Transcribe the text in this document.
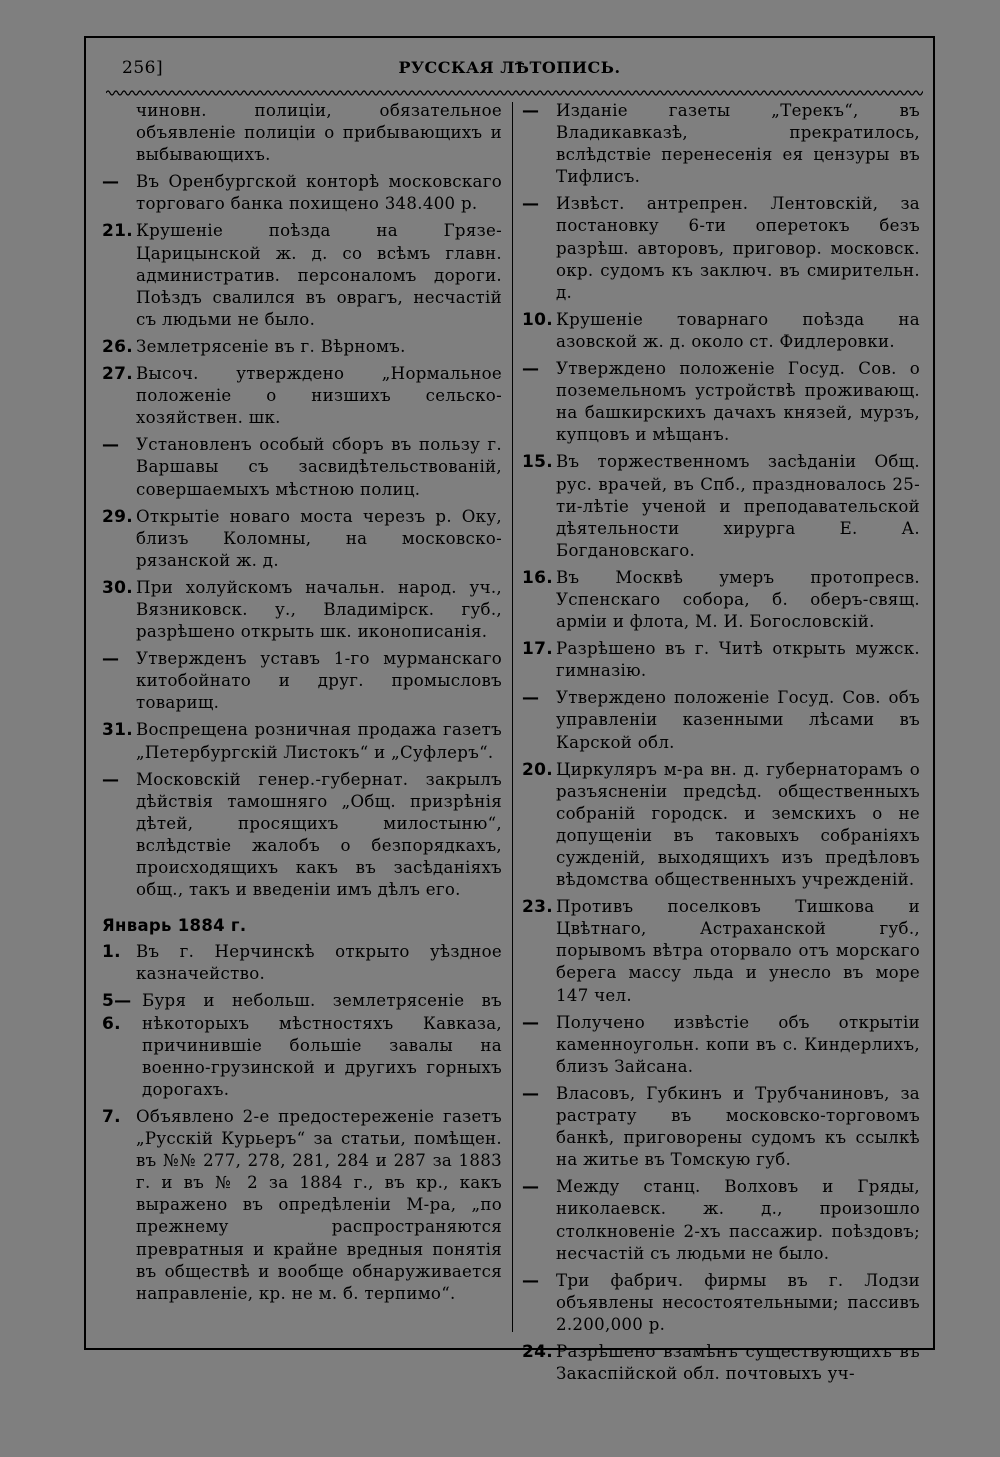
256]	РУССКАЯ ЛѢТОПИСЬ.
чиновн. полиціи, обязательное объявленіе полиціи о прибывающихъ и выбывающихъ.
—	Въ Оренбургской конторѣ московскаго торговаго банка похищено 348.400 р.
21. Крушеніе поѣзда на Грязе-Царицынской ж. д. со всѣмъ главн. административ. персоналомъ дороги. Поѣздъ свалился въ оврагъ, несчастій съ людьми не было.
26. Землетрясеніе въ г. Вѣрномъ.
27. Высоч. утверждено „Нормальное положеніе о низшихъ сельско-хозяйствен. шк.
—	Установленъ особый сборъ въ пользу г. Варшавы съ засвидѣтельствованій, совершаемыхъ мѣстною полиц.
29. Открытіе новаго моста черезъ р. Оку, близъ Коломны, на московско-рязанской ж. д.
30. При холуйскомъ начальн. народ. уч., Вязниковск. у., Владимірск. губ., разрѣшено открыть шк. иконописанія.
—	Утвержденъ уставъ 1-го мурманскаго китобойнато и друг. промысловъ товарищ.
31. Воспрещена розничная продажа газетъ „Петербургскій Листокъ“ и „Суфлеръ“.
—	Московскій генер.-губернат. закрылъ дѣйствія тамошняго „Общ. призрѣнія дѣтей, просящихъ милостыню“, вслѣдствіе жалобъ о безпорядкахъ, происходящихъ какъ въ засѣданіяхъ общ., такъ и введеніи имъ дѣлъ его.
Январь 1884 г.
1. Въ г. Нерчинскѣ открыто уѣздное казначейство.
5—6.
Буря и небольш. землетрясеніе въ нѣкоторыхъ мѣстностяхъ Кавказа, причинившіе большіе завалы на военно-грузинской и другихъ горныхъ дорогахъ.
7. Объявлено 2-е предостереженіе газетъ „Русскій Курьеръ“ за статьи, помѣщен. въ №№ 277, 278, 281, 284 и 287 за 1883 г. и въ № 2 за 1884 г., въ кр., какъ выражено въ опредѣленіи М-ра, „по прежнему распространяются превратныя и крайне вредныя понятія въ обществѣ и вообще обнаруживается направленіе, кр. не м. б. терпимо“.
—	Изданіе газеты „Терекъ“, въ Владикавказѣ, прекратилось, вслѣдствіе перенесенія ея цензуры въ Тифлисъ.
—	Извѣст. антрепрен. Лентовскій, за постановку 6-ти оперетокъ безъ разрѣш. авторовъ, приговор. московск. окр. судомъ къ заключ. въ смирительн. д.
10. Крушеніе товарнаго поѣзда на азовской ж. д. около ст. Фидлеровки.
—	Утверждено положеніе Госуд. Сов. о поземельномъ устройствѣ проживающ. на башкирскихъ дачахъ князей, мурзъ, купцовъ и мѣщанъ.
15. Въ торжественномъ засѣданіи Общ. рус. врачей, въ Спб., праздновалось 25-ти-лѣтіе ученой и преподавательской дѣятельности хирурга Е. А. Богдановскаго.
16. Въ Москвѣ умеръ протопресв. Успенскаго собора, б. оберъ-свящ. арміи и флота, М. И. Богословскій.
17. Разрѣшено въ г. Читѣ открыть мужск. гимназію.
—	Утверждено положеніе Госуд. Сов. объ управленіи казенными лѣсами въ Карской обл.
20. Циркуляръ м-ра вн. д. губернаторамъ о разъясненіи предсѣд. общественныхъ собраній городск. и земскихъ о не допущеніи въ таковыхъ собраніяхъ сужденій, выходящихъ изъ предѣловъ вѣдомства общественныхъ учрежденій.
23. Противъ поселковъ Тишкова и Цвѣтнаго, Астраханской губ., порывомъ вѣтра оторвало отъ морскаго берега массу льда и унесло въ море 147 чел.
—	Получено извѣстіе объ открытіи каменноугольн. копи въ с. Киндерлихъ, близъ Зайсана.
—	Власовъ, Губкинъ и Трубчаниновъ, за растрату въ московско-торговомъ банкѣ, приговорены судомъ къ ссылкѣ на житье въ Томскую губ.
—	Между станц. Волховъ и Гряды, николаевск. ж. д., произошло столкновеніе 2-хъ пассажир. поѣздовъ; несчастій съ людьми не было.
—	Три фабрич. фирмы въ г. Лодзи объявлены несостоятельными; пассивъ 2.200,000 р.
24. Разрѣшено взамѣнъ существующихъ въ Закаспійской обл. почтовыхъ уч-
